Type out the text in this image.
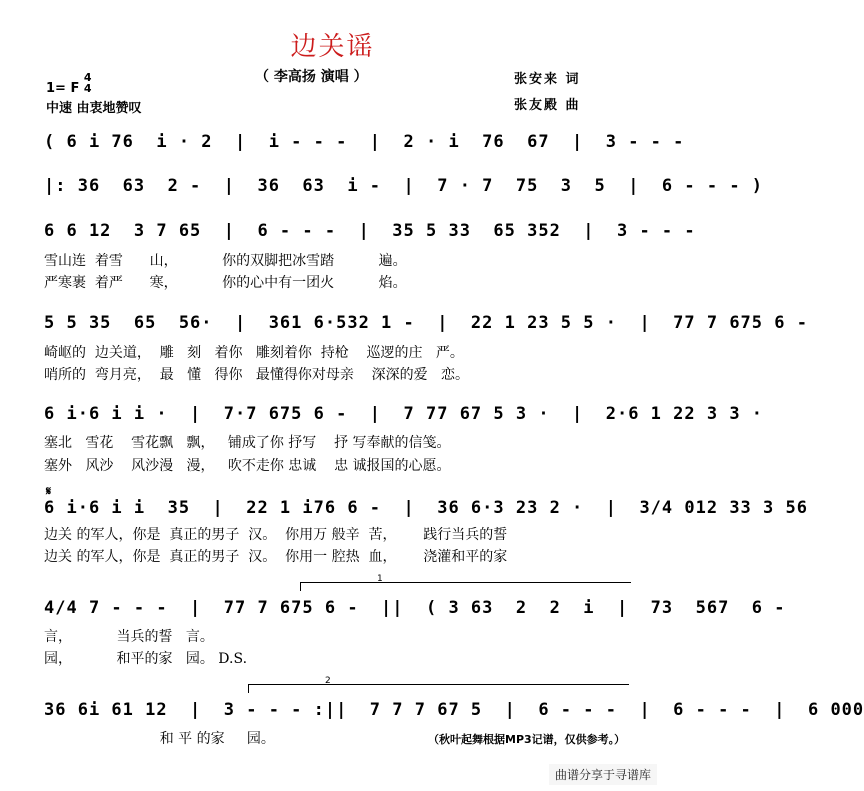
边关谣
（ 李高扬 演唱 ）
1= F 4
4
中速 由衷地赞叹
张安来 词
张友殿 曲
( 6 i 76  i · 2  |  i - - -  |  2 · i  76  67  |  3 - - -
|: 36  63  2 -  |  36  63  i -  |  7 · 7  75  3  5  |  6 - - - )
6 6 12  3 7 65  |  6 - - -  |  35 5 33  65 352  |  3 - - -
雪山连  着雪      山，          你的双脚把冰雪踏          遍。
严寒裹  着严      寒，          你的心中有一团火          焰。
5 5 35  65  56·  |  361 6·532 1 -  |  22 1 23 5 5 ·  |  77 7 675 6 -
崎岖的  边关道，  雕   刻   着你   雕刻着你  持枪    巡逻的庄   严。
哨所的  弯月亮，  最   懂   得你   最懂得你对母亲    深深的爱   恋。
6 i·6 i i ·  |  7·7 675 6 -  |  7 77 67 5 3 ·  |  2·6 1 22 3 3 ·
塞北   雪花    雪花飘   飘，   铺成了你 抒写    抒 写奉献的信笺。
塞外   风沙    风沙漫   漫，   吹不走你 忠诚    忠 诚报国的心愿。
𝄋
6 i·6 i i  35  |  22 1 i76 6 -  |  36 6·3 23 2 ·  |  3/4 012 33 3 56
边关 的军人，你是  真正的男子  汉。  你用万 般辛  苦，      践行当兵的誓
边关 的军人，你是  真正的男子  汉。  你用一 腔热  血，      浇灌和平的家
1
4/4 7 - - -  |  77 7 675 6 -  ||  ( 3 63  2  2  i  |  73  567  6 -
言，          当兵的誓   言。
园，          和平的家   园。 D.S.
2
36 6i 61 12  |  3 - - - :||  7 7 7 67 5  |  6 - - -  |  6 - - -  |  6 000
和 平 的家     园。	（秋叶起舞根据MP3记谱，仅供参考。）
曲谱分享于寻谱库
